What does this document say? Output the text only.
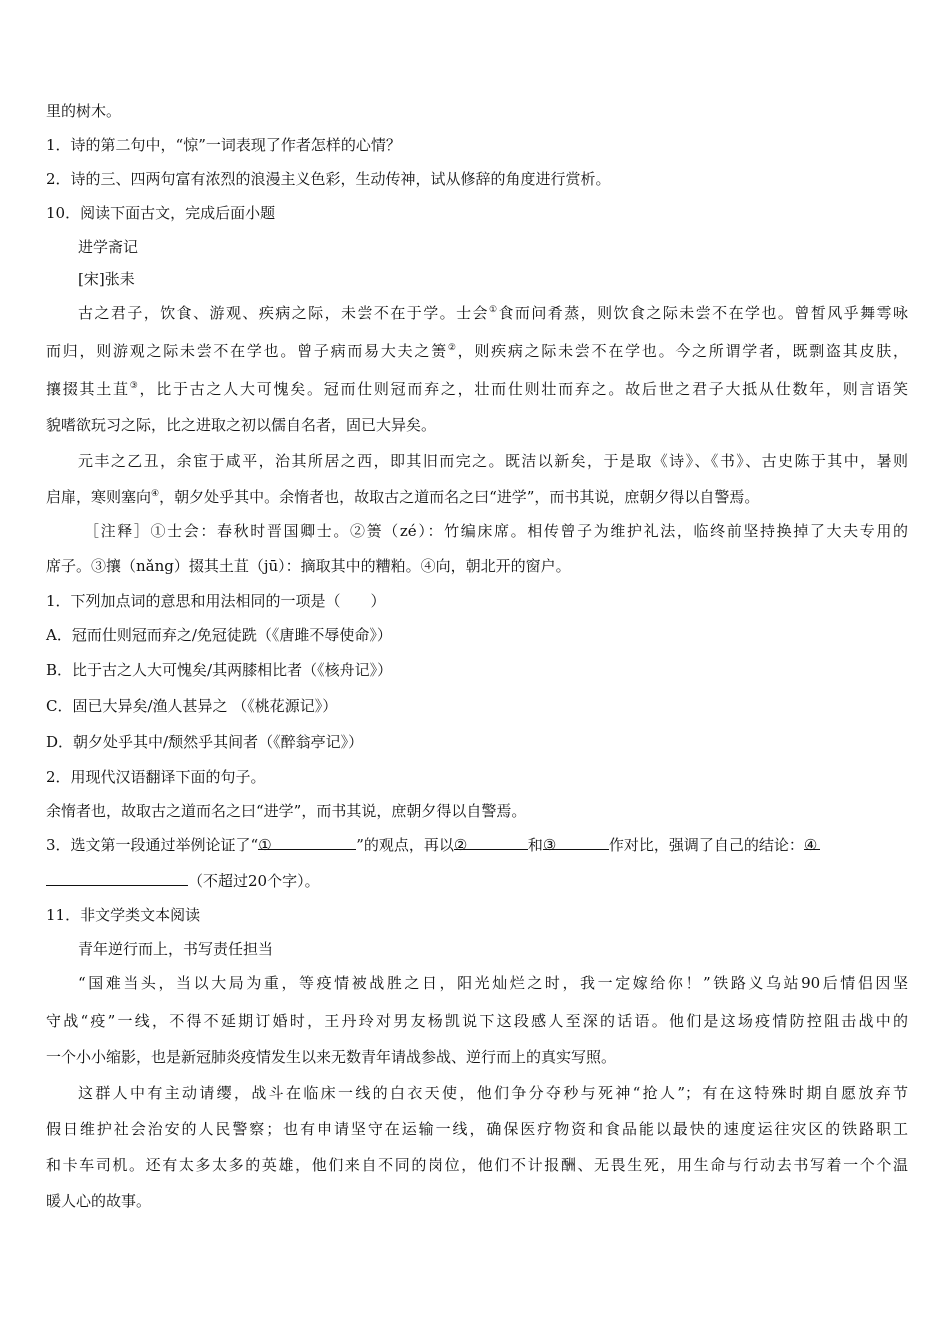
里的树木。
1．诗的第二句中，“惊”一词表现了作者怎样的心情？
2．诗的三、四两句富有浓烈的浪漫主义色彩，生动传神，试从修辞的角度进行赏析。
10．阅读下面古文，完成后面小题
进学斋记
[宋]张耒
古之君子，饮食、游观、疾病之际，未尝不在于学。士会①食而问肴蒸，则饮食之际未尝不在学也。曾皙风乎舞雩咏
而归，则游观之际未尝不在学也。曾子病而易大夫之箦②，则疾病之际未尝不在学也。今之所谓学者，既剽盗其皮肤，
攘掇其土苴③，比于古之人大可愧矣。冠而仕则冠而弃之，壮而仕则壮而弃之。故后世之君子大抵从仕数年，则言语笑
貌嗜欲玩习之际，比之进取之初以儒自名者，固已大异矣。
元丰之乙丑，余宦于咸平，治其所居之西，即其旧而完之。既洁以新矣，于是取《诗》、《书》、古史陈于其中，暑则
启扉，寒则塞向④，朝夕处乎其中。余惰者也，故取古之道而名之曰“进学”，而书其说，庶朝夕得以自警焉。
［注释］①士会：春秋时晋国卿士。②箦（zé）：竹编床席。相传曾子为维护礼法，临终前坚持换掉了大夫专用的
席子。③攘（nǎng）掇其土苴（jū）：摘取其中的糟粕。④向，朝北开的窗户。
1．下列加点词的意思和用法相同的一项是（　　）
A．冠而仕则冠而弃之/免冠徒跣（《唐雎不辱使命》）
B．比于古之人大可愧矣/其两膝相比者（《核舟记》）
C．固已大异矣/渔人甚异之 （《桃花源记》）
D．朝夕处乎其中/颓然乎其间者（《醉翁亭记》）
2．用现代汉语翻译下面的句子。
余惰者也，故取古之道而名之曰“进学”，而书其说，庶朝夕得以自警焉。
3．选文第一段通过举例论证了“①	”的观点，再以②	和③	作对比，强调了自己的结论：④
（不超过20个字）。
11．非文学类文本阅读
青年逆行而上，书写责任担当
“国难当头，当以大局为重，等疫情被战胜之日，阳光灿烂之时，我一定嫁给你！”铁路义乌站90后情侣因坚
守战“疫”一线，不得不延期订婚时，王丹玲对男友杨凯说下这段感人至深的话语。他们是这场疫情防控阻击战中的
一个小小缩影，也是新冠肺炎疫情发生以来无数青年请战参战、逆行而上的真实写照。
这群人中有主动请缨，战斗在临床一线的白衣天使，他们争分夺秒与死神“抢人”；有在这特殊时期自愿放弃节
假日维护社会治安的人民警察；也有申请坚守在运输一线，确保医疗物资和食品能以最快的速度运往灾区的铁路职工
和卡车司机。还有太多太多的英雄，他们来自不同的岗位，他们不计报酬、无畏生死，用生命与行动去书写着一个个温
暖人心的故事。
